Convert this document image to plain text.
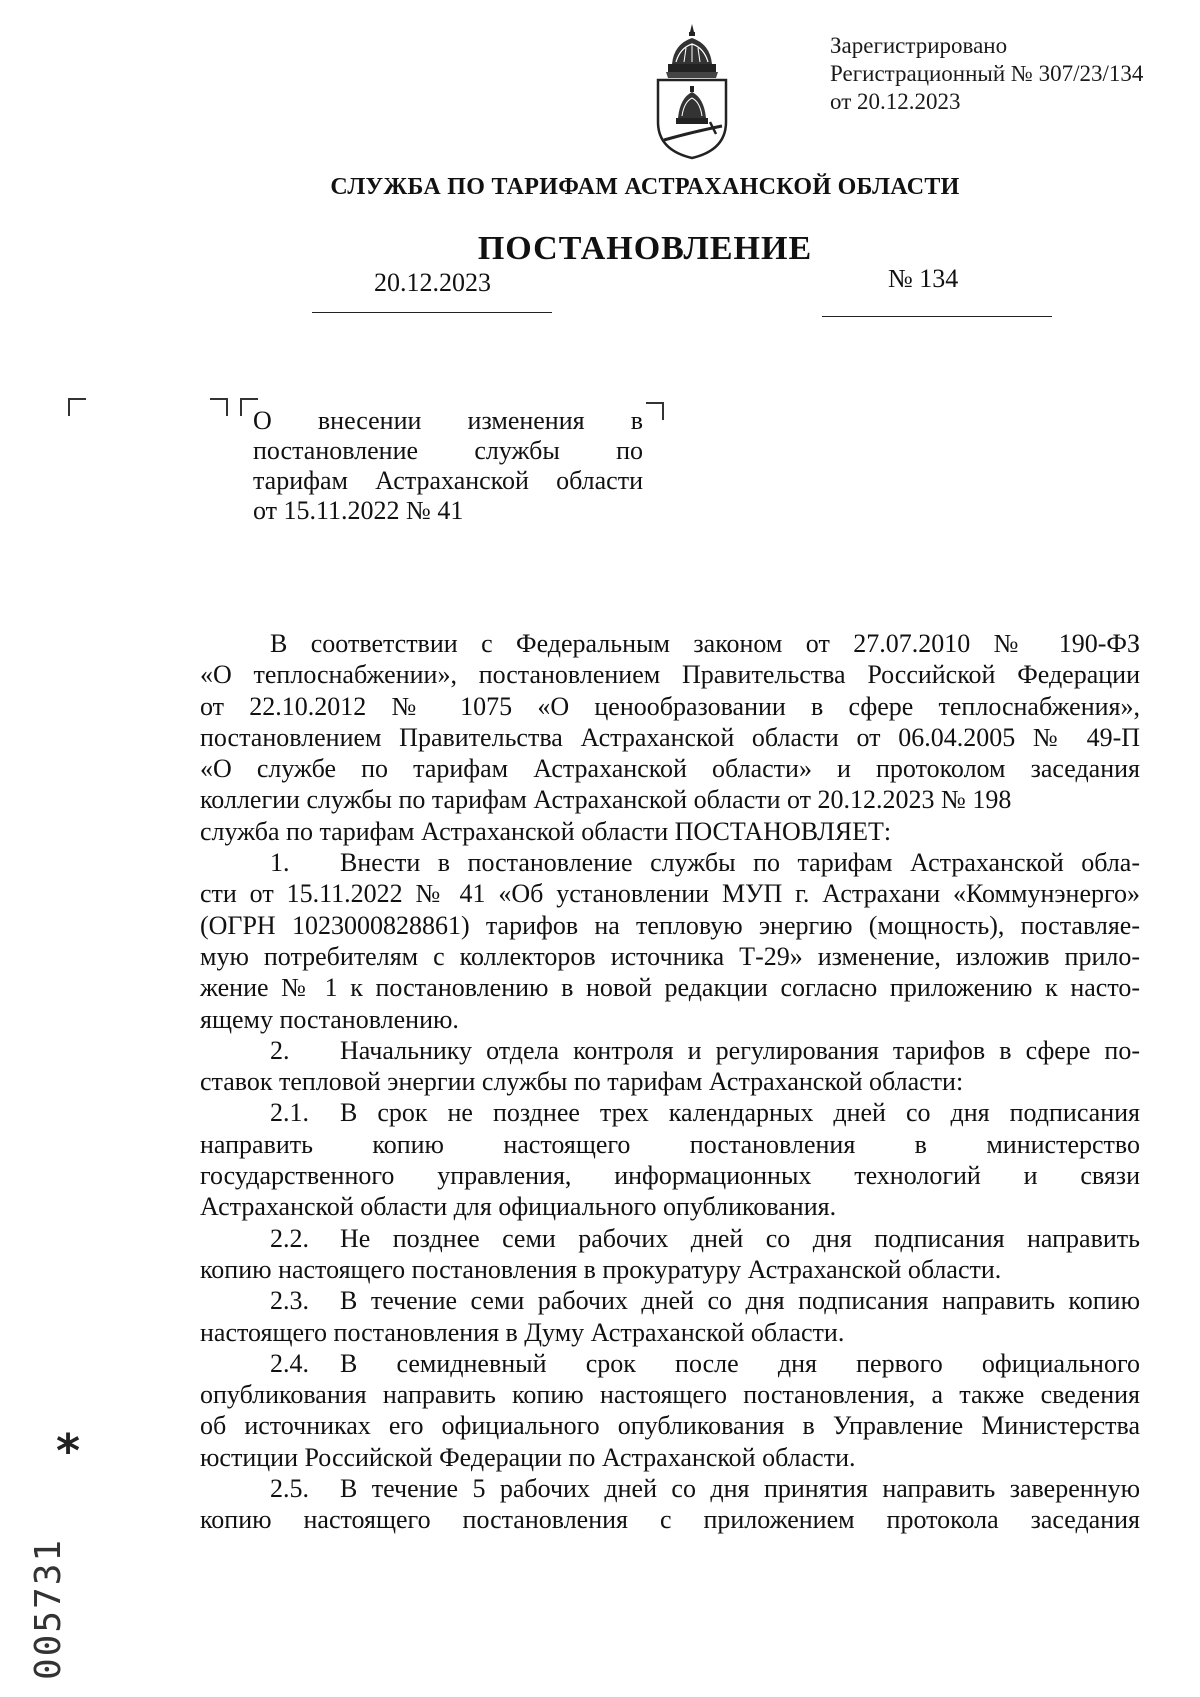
Зарегистрировано
Регистрационный № 307/23/134
от 20.12.2023
СЛУЖБА ПО ТАРИФАМ АСТРАХАНСКОЙ ОБЛАСТИ
ПОСТАНОВЛЕНИЕ
20.12.2023	№ 134
О внесении изменения в
постановление службы по
тарифам Астраханской области
от 15.11.2022 № 41
В соответствии с Федеральным законом от 27.07.2010 № 190-ФЗ
«О теплоснабжении», постановлением Правительства Российской Федерации
от 22.10.2012 № 1075 «О ценообразовании в сфере теплоснабжения»,
постановлением Правительства Астраханской области от 06.04.2005 № 49-П
«О службе по тарифам Астраханской области» и протоколом заседания
коллегии службы по тарифам Астраханской области от 20.12.2023 № 198
служба по тарифам Астраханской области ПОСТАНОВЛЯЕТ:
1. Внести в постановление службы по тарифам Астраханской обла-
сти от 15.11.2022 № 41 «Об установлении МУП г. Астрахани «Коммунэнерго»
(ОГРН 1023000828861) тарифов на тепловую энергию (мощность), поставляе-
мую потребителям с коллекторов источника Т-29» изменение, изложив прило-
жение № 1 к постановлению в новой редакции согласно приложению к насто-
ящему постановлению.
2. Начальнику отдела контроля и регулирования тарифов в сфере по-
ставок тепловой энергии службы по тарифам Астраханской области:
2.1. В срок не позднее трех календарных дней со дня подписания
направить копию настоящего постановления в министерство
государственного управления, информационных технологий и связи
Астраханской области для официального опубликования.
2.2. Не позднее семи рабочих дней со дня подписания направить
копию настоящего постановления в прокуратуру Астраханской области.
2.3. В течение семи рабочих дней со дня подписания направить копию
настоящего постановления в Думу Астраханской области.
2.4. В семидневный срок после дня первого официального
опубликования направить копию настоящего постановления, а также сведения
об источниках его официального опубликования в Управление Министерства
юстиции Российской Федерации по Астраханской области.
2.5. В течение 5 рабочих дней со дня принятия направить заверенную
копию настоящего постановления с приложением протокола заседания
*
005731
